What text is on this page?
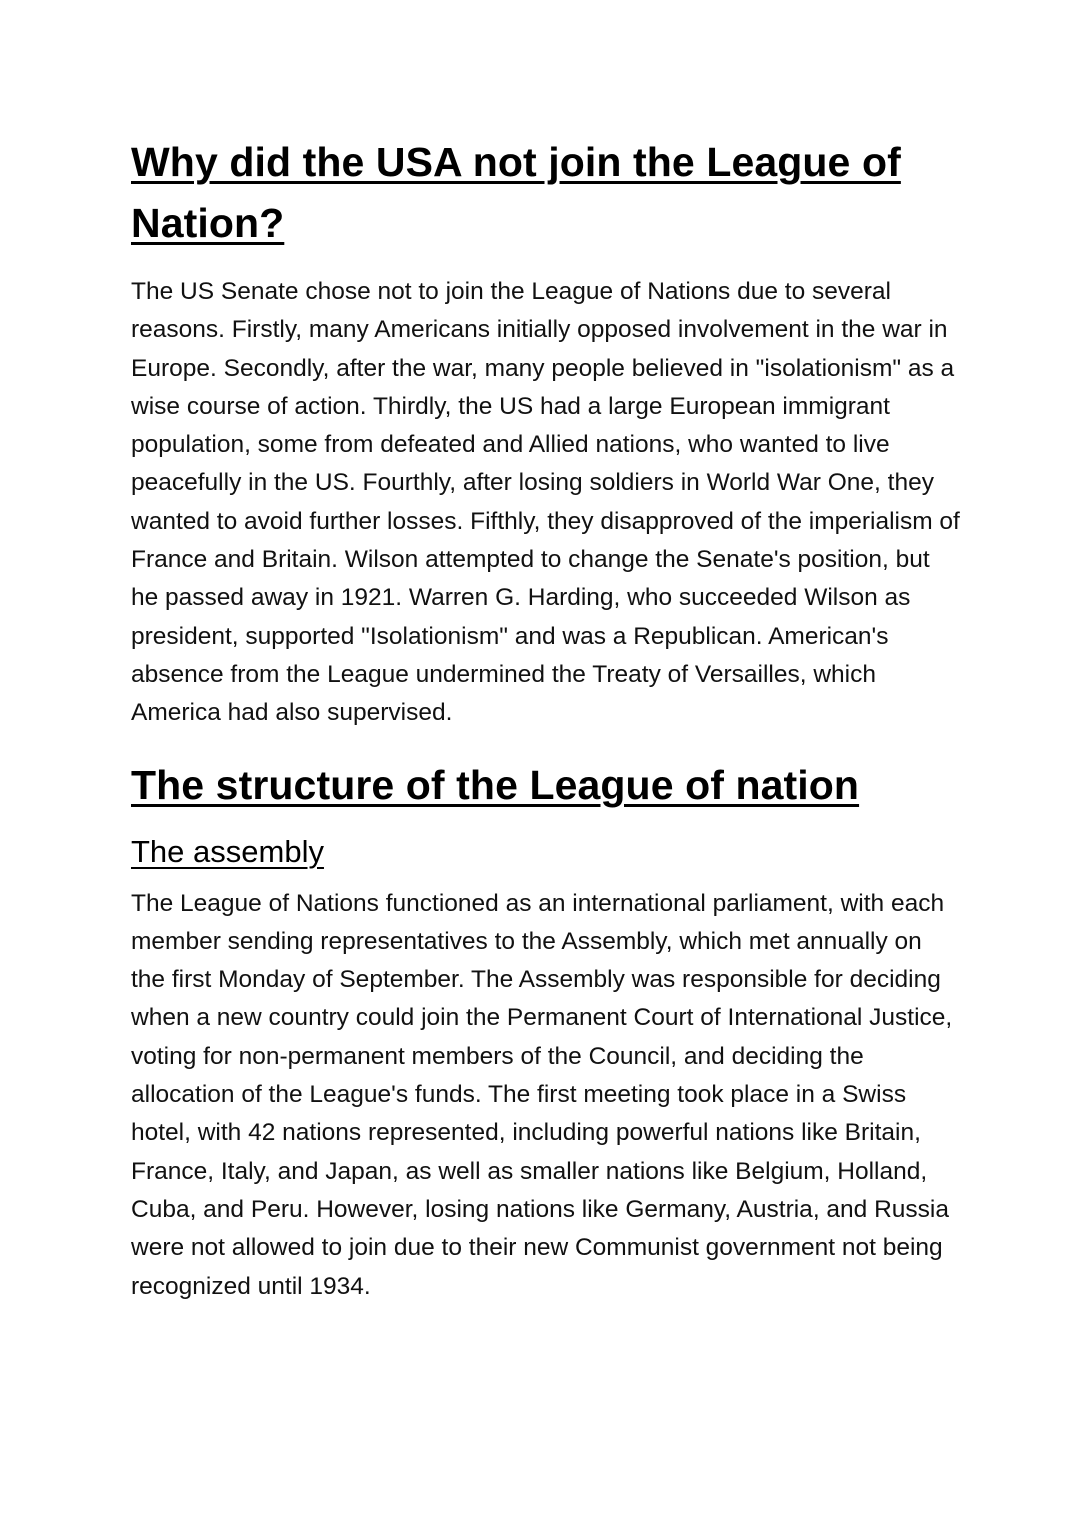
Why did the USA not join the League of Nation?

The US Senate chose not to join the League of Nations due to several reasons. Firstly, many Americans initially opposed involvement in the war in Europe. Secondly, after the war, many people believed in "isolationism" as a wise course of action. Thirdly, the US had a large European immigrant population, some from defeated and Allied nations, who wanted to live peacefully in the US. Fourthly, after losing soldiers in World War One, they wanted to avoid further losses. Fifthly, they disapproved of the imperialism of France and Britain. Wilson attempted to change the Senate's position, but he passed away in 1921. Warren G. Harding, who succeeded Wilson as president, supported "Isolationism" and was a Republican. American's absence from the League undermined the Treaty of Versailles, which America had also supervised.

The structure of the League of nation
The assembly

The League of Nations functioned as an international parliament, with each member sending representatives to the Assembly, which met annually on the first Monday of September. The Assembly was responsible for deciding when a new country could join the Permanent Court of International Justice, voting for non-permanent members of the Council, and deciding the allocation of the League's funds. The first meeting took place in a Swiss hotel, with 42 nations represented, including powerful nations like Britain, France, Italy, and Japan, as well as smaller nations like Belgium, Holland, Cuba, and Peru. However, losing nations like Germany, Austria, and Russia were not allowed to join due to their new Communist government not being recognized until 1934.
